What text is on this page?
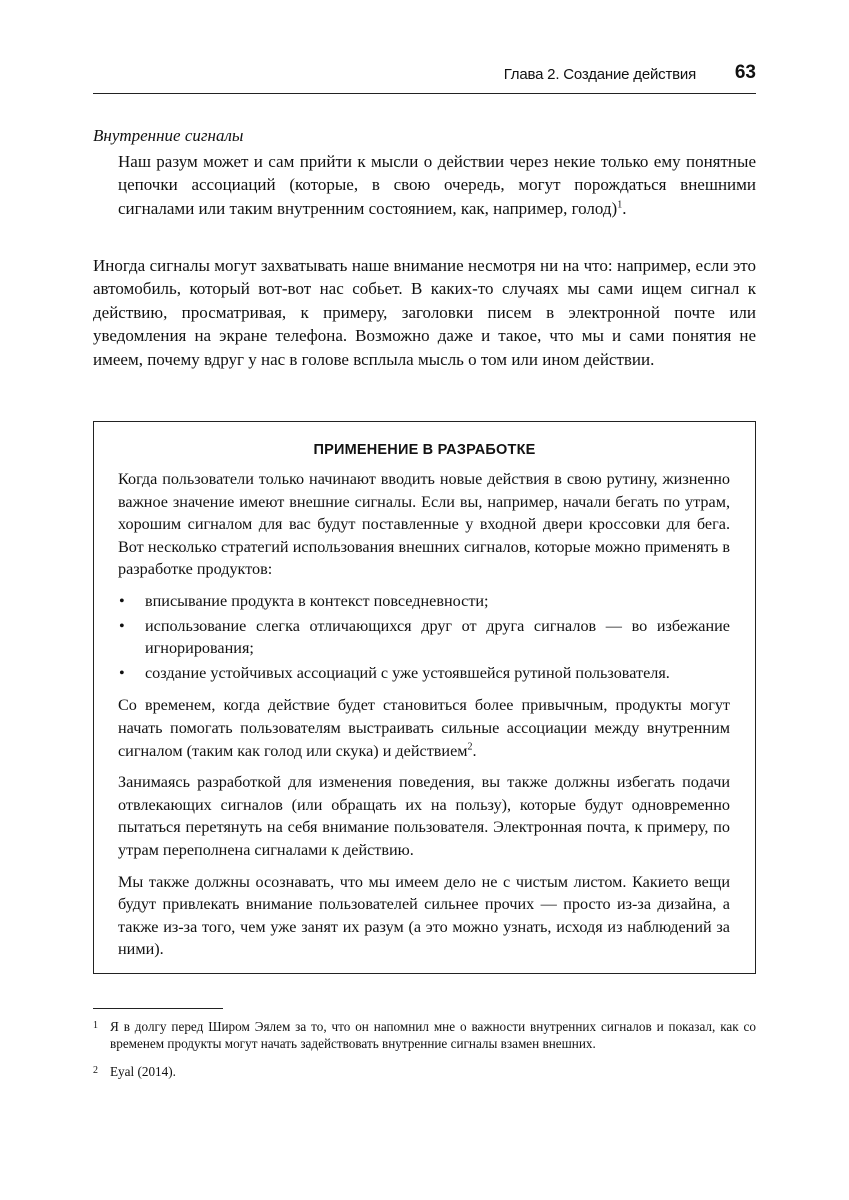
Глава 2. Создание действия 63
Внутренние сигналы
Наш разум может и сам прийти к мысли о действии через некие только ему понятные цепочки ассоциаций (которые, в свою очередь, могут порождаться внешними сигналами или таким внутренним состоянием, как, например, голод)$^1$.
Иногда сигналы могут захватывать наше внимание несмотря ни на что: например, если это автомобиль, который вот-вот нас собьет. В каких-то случаях мы сами ищем сигнал к действию, просматривая, к примеру, заголовки писем в электронной почте или уведомления на экране телефона. Возможно даже и такое, что мы и сами понятия не имеем, почему вдруг у нас в голове всплыла мысль о том или ином действии.
ПРИМЕНЕНИЕ В РАЗРАБОТКЕ

Когда пользователи только начинают вводить новые действия в свою рутину, жизненно важное значение имеют внешние сигналы. Если вы, например, начали бегать по утрам, хорошим сигналом для вас будут поставленные у входной двери кроссовки для бега. Вот несколько стратегий использования внешних сигналов, которые можно применять в разработке продуктов:

• вписывание продукта в контекст повседневности;
• использование слегка отличающихся друг от друга сигналов — во избежание игнорирования;
• создание устойчивых ассоциаций с уже устоявшейся рутиной пользователя.

Со временем, когда действие будет становиться более привычным, продукты могут начать помогать пользователям выстраивать сильные ассоциации между внутренним сигналом (таким как голод или скука) и действием$^2$.

Занимаясь разработкой для изменения поведения, вы также должны избегать подачи отвлекающих сигналов (или обращать их на пользу), которые будут одновременно пытаться перетянуть на себя внимание пользователя. Электронная почта, к примеру, по утрам переполнена сигналами к действию.

Мы также должны осознавать, что мы имеем дело не с чистым листом. Какието вещи будут привлекать внимание пользователей сильнее прочих — просто из-за дизайна, а также из-за того, чем уже занят их разум (а это можно узнать, исходя из наблюдений за ними).

1 Я в долгу перед Широм Эялем за то, что он напомнил мне о важности внутренних сигналов и показал, как со временем продукты могут начать задействовать внутренние сигналы взамен внешних.
2 Eyal (2014).
